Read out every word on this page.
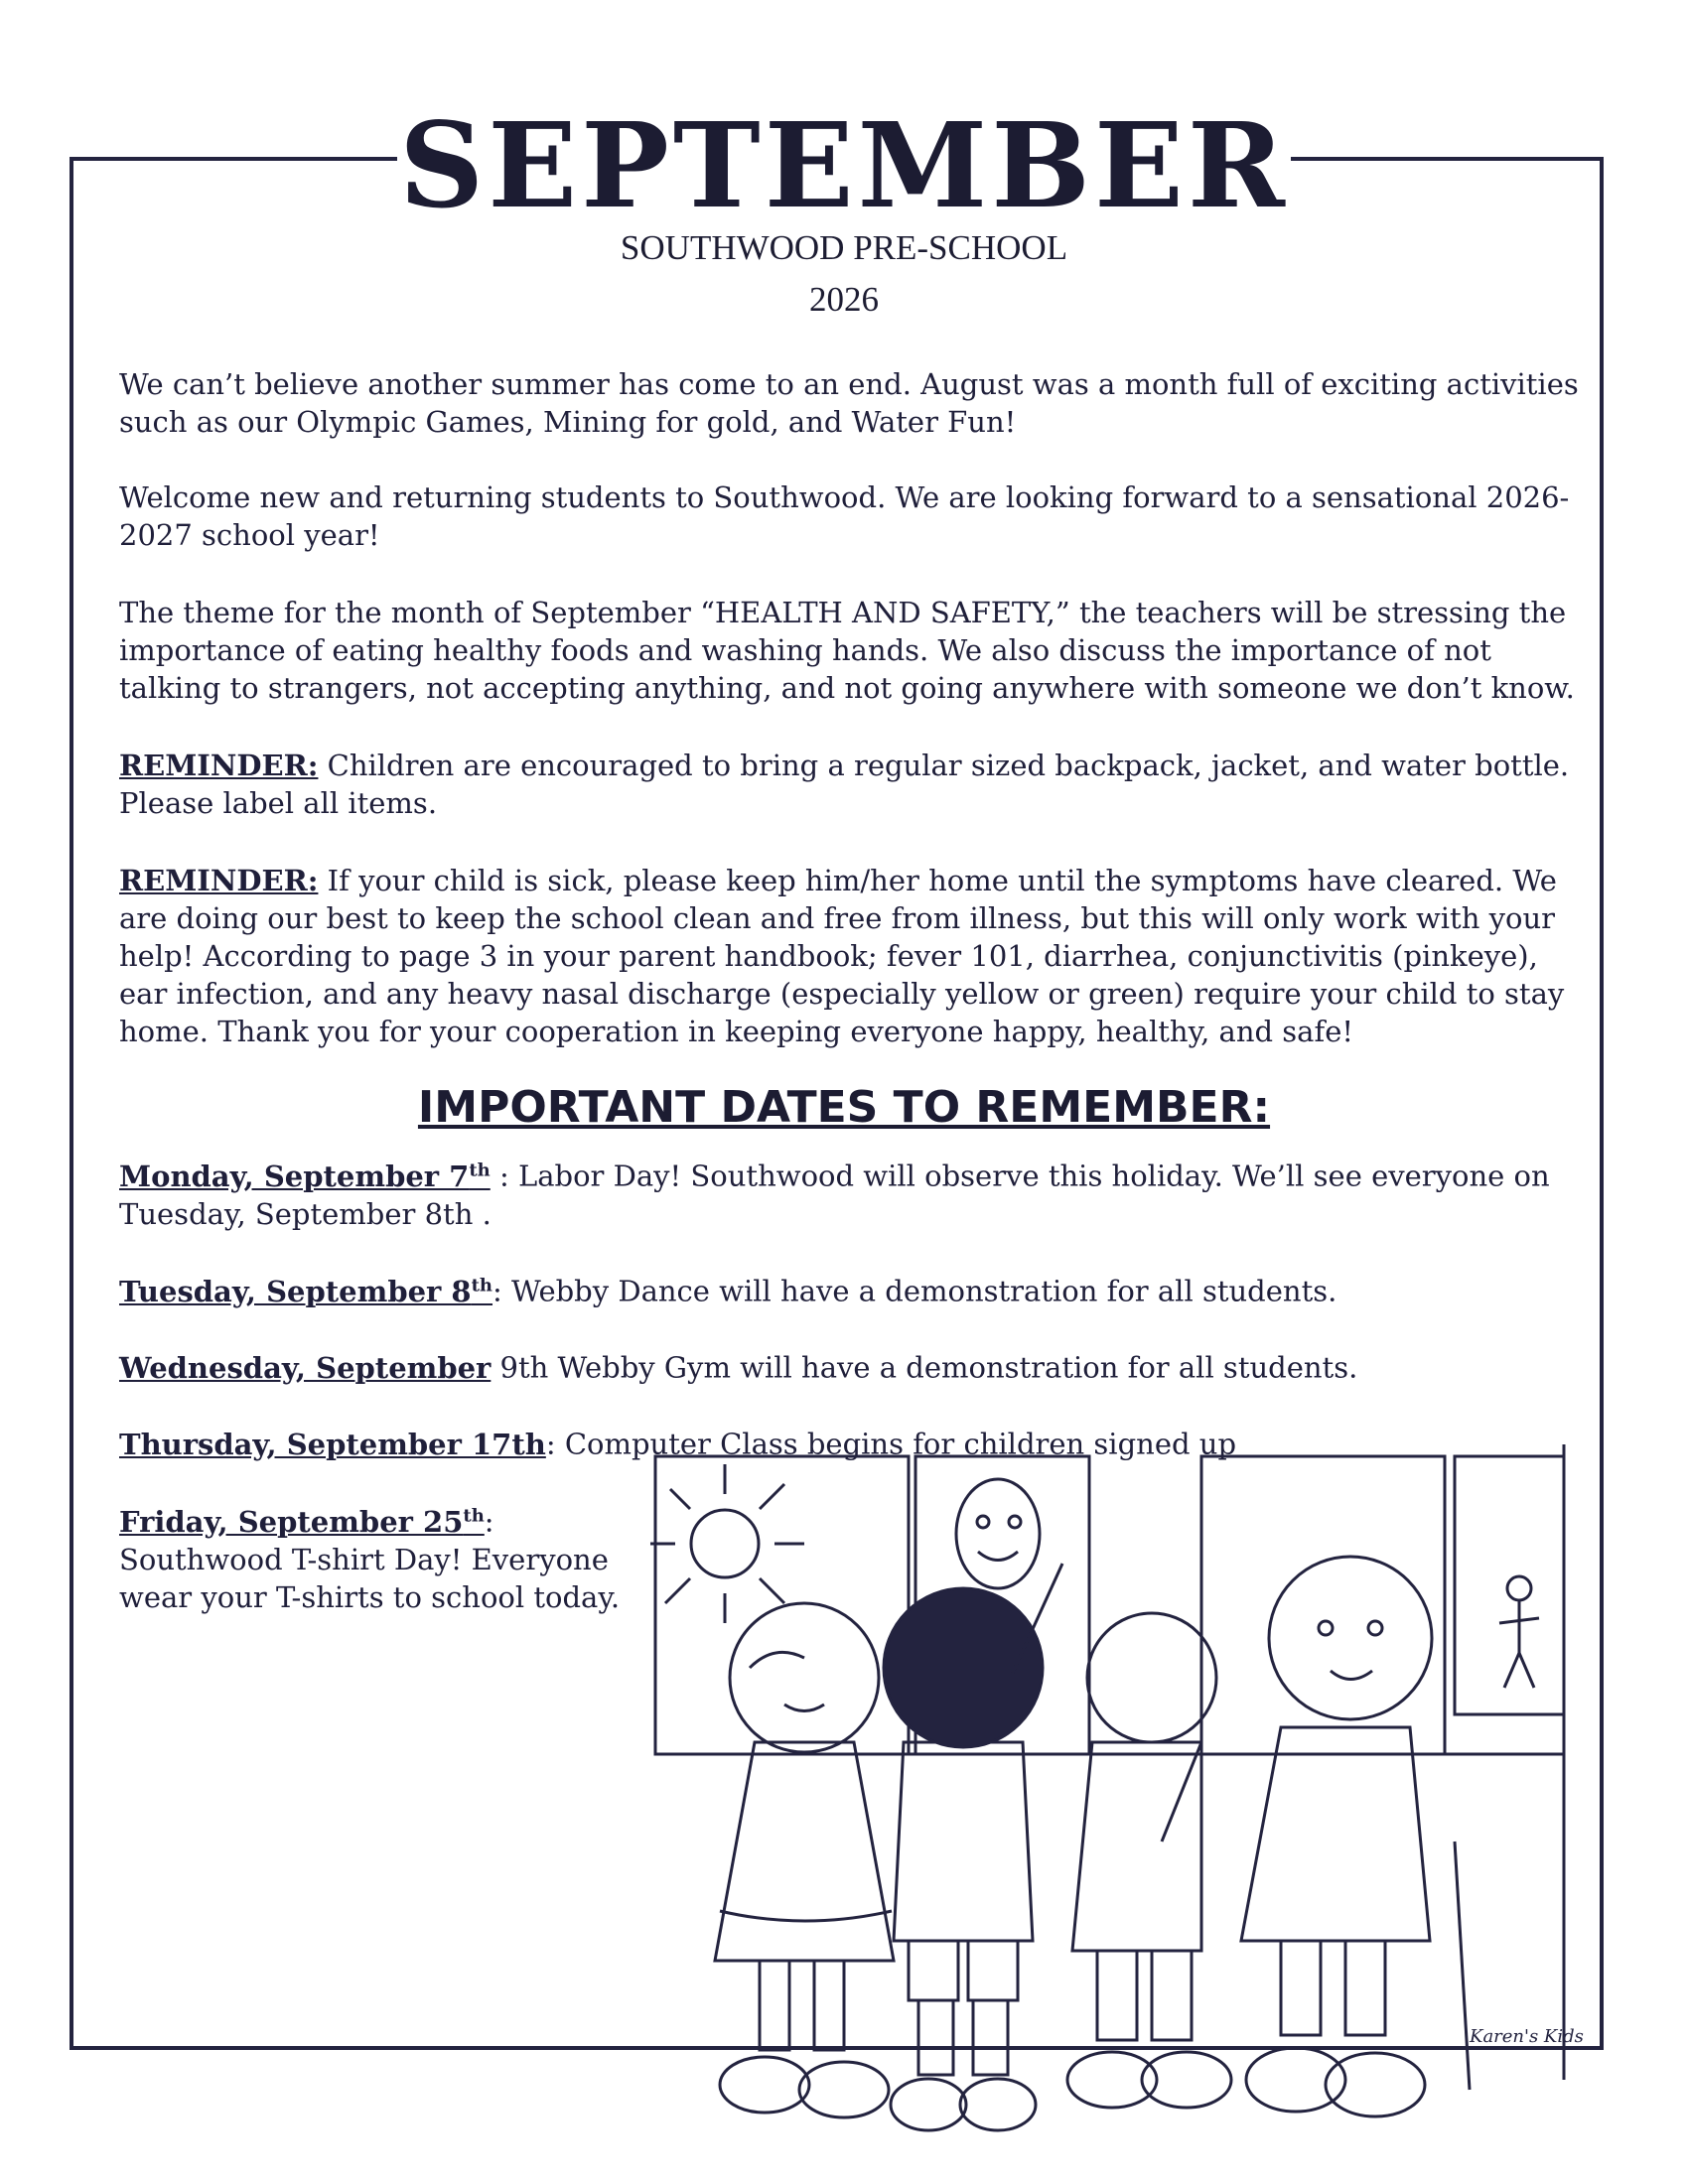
SEPTEMBER
SOUTHWOOD PRE-SCHOOL
2026

We can’t believe another summer has come to an end. August was a month full of exciting activities such as our Olympic Games, Mining for gold, and Water Fun!

Welcome new and returning students to Southwood. We are looking forward to a sensational 2026-2027 school year!

The theme for the month of September “HEALTH AND SAFETY,” the teachers will be stressing the importance of eating healthy foods and washing hands. We also discuss the importance of not talking to strangers, not accepting anything, and not going anywhere with someone we don’t know.

REMINDER: Children are encouraged to bring a regular sized backpack, jacket, and water bottle. Please label all items.

REMINDER: If your child is sick, please keep him/her home until the symptoms have cleared. We are doing our best to keep the school clean and free from illness, but this will only work with your help! According to page 3 in your parent handbook; fever 101, diarrhea, conjunctivitis (pinkeye), ear infection, and any heavy nasal discharge (especially yellow or green) require your child to stay home. Thank you for your cooperation in keeping everyone happy, healthy, and safe!

IMPORTANT DATES TO REMEMBER:

Monday, September 7th : Labor Day! Southwood will observe this holiday. We’ll see everyone on Tuesday, September 8th .

Tuesday, September 8th: Webby Dance will have a demonstration for all students.

Wednesday, September 9th Webby Gym will have a demonstration for all students.

Thursday, September 17th: Computer Class begins for children signed up

Friday, September 25th:
Southwood T-shirt Day! Everyone wear your T-shirts to school today.
Karen's Kids
